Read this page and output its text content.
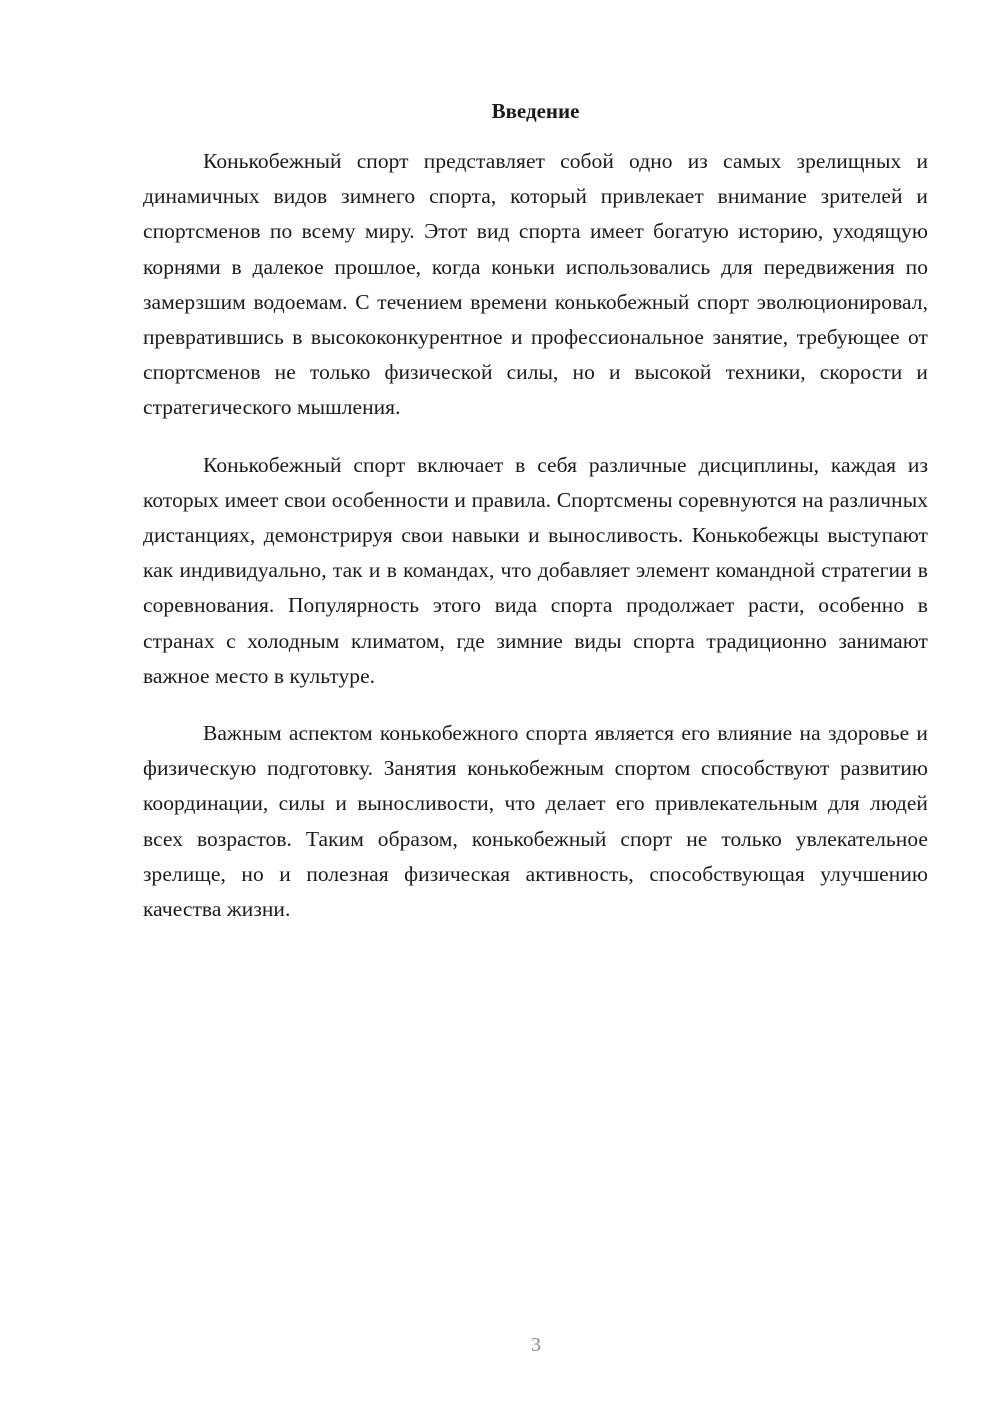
Введение

Конькобежный спорт представляет собой одно из самых зрелищных и динамичных видов зимнего спорта, который привлекает внимание зрителей и спортсменов по всему миру. Этот вид спорта имеет богатую историю, уходящую корнями в далекое прошлое, когда коньки использовались для передвижения по замерзшим водоемам. С течением времени конькобежный спорт эволюционировал, превратившись в высококонкурентное и профессиональное занятие, требующее от спортсменов не только физической силы, но и высокой техники, скорости и стратегического мышления.

Конькобежный спорт включает в себя различные дисциплины, каждая из которых имеет свои особенности и правила. Спортсмены соревнуются на различных дистанциях, демонстрируя свои навыки и выносливость. Конькобежцы выступают как индивидуально, так и в командах, что добавляет элемент командной стратегии в соревнования. Популярность этого вида спорта продолжает расти, особенно в странах с холодным климатом, где зимние виды спорта традиционно занимают важное место в культуре.

Важным аспектом конькобежного спорта является его влияние на здоровье и физическую подготовку. Занятия конькобежным спортом способствуют развитию координации, силы и выносливости, что делает его привлекательным для людей всех возрастов. Таким образом, конькобежный спорт не только увлекательное зрелище, но и полезная физическая активность, способствующая улучшению качества жизни.

3
